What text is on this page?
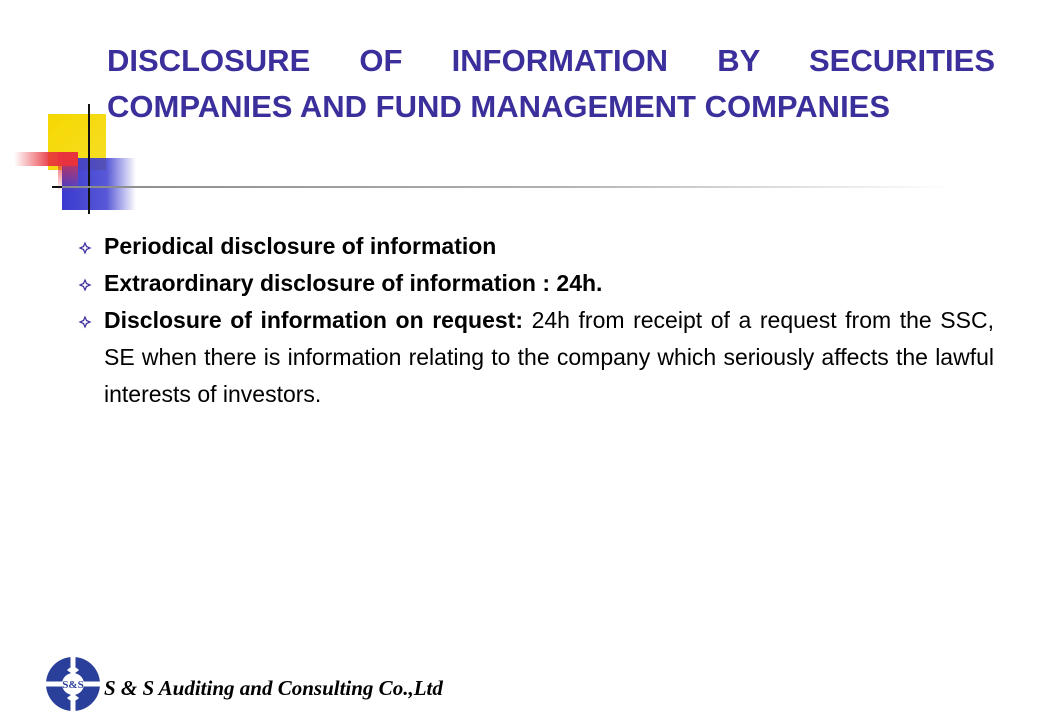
DISCLOSURE OF INFORMATION BY SECURITIES COMPANIES AND FUND MANAGEMENT COMPANIES
Periodical disclosure of information
Extraordinary disclosure of information : 24h.
Disclosure of information on request: 24h from receipt of a request from the SSC, SE when there is information relating to the company which seriously affects the lawful interests of investors.
S&S S & S Auditing and Consulting Co.,Ltd
